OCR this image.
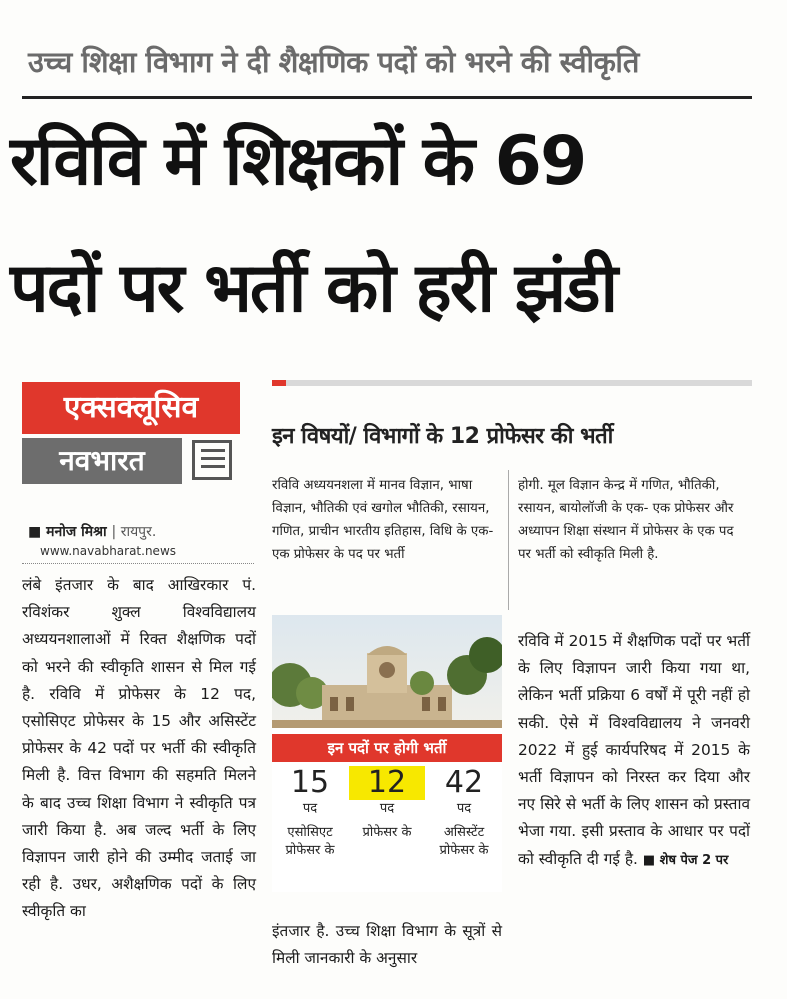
उच्च शिक्षा विभाग ने दी शैक्षणिक पदों को भरने की स्वीकृति
रविवि में शिक्षकों के 69
पदों पर भर्ती को हरी झंडी
एक्सक्लूसिव
नवभारत
■ मनोज मिश्रा | रायपुर.
www.navabharat.news
लंबे इंतजार के बाद आखिरकार पं. रविशंकर शुक्ल विश्वविद्यालय अध्ययनशालाओं में रिक्त शैक्षणिक पदों को भरने की स्वीकृति शासन से मिल गई है. रविवि में प्रोफेसर के 12 पद, एसोसिएट प्रोफेसर के 15 और असिस्टेंट प्रोफेसर के 42 पदों पर भर्ती की स्वीकृति मिली है. वित्त विभाग की सहमति मिलने के बाद उच्च शिक्षा विभाग ने स्वीकृति पत्र जारी किया है. अब जल्द भर्ती के लिए विज्ञापन जारी होने की उम्मीद जताई जा रही है. उधर, अशैक्षणिक पदों के लिए स्वीकृति का
इन विषयों/ विभागों के 12 प्रोफेसर की भर्ती
रविवि अध्ययनशला में मानव विज्ञान, भाषा विज्ञान, भौतिकी एवं खगोल भौतिकी, रसायन, गणित, प्राचीन भारतीय इतिहास, विधि के एक- एक प्रोफेसर के पद पर भर्ती
होगी. मूल विज्ञान केन्द्र में गणित, भौतिकी, रसायन, बायोलॉजी के एक- एक प्रोफेसर और अध्यापन शिक्षा संस्थान में प्रोफेसर के एक पद पर भर्ती को स्वीकृति मिली है.
इन पदों पर होगी भर्ती
15
पद
एसोसिएट प्रोफेसर के
12
पद
प्रोफेसर के
42
पद
असिस्टेंट प्रोफेसर के
इंतजार है. उच्च शिक्षा विभाग के सूत्रों से मिली जानकारी के अनुसार
रविवि में 2015 में शैक्षणिक पदों पर भर्ती के लिए विज्ञापन जारी किया गया था, लेकिन भर्ती प्रक्रिया 6 वर्षों में पूरी नहीं हो सकी. ऐसे में विश्वविद्यालय ने जनवरी 2022 में हुई कार्यपरिषद में 2015 के भर्ती विज्ञापन को निरस्त कर दिया और नए सिरे से भर्ती के लिए शासन को प्रस्ताव भेजा गया. इसी प्रस्ताव के आधार पर पदों को स्वीकृति दी गई है. ■ शेष पेज 2 पर
